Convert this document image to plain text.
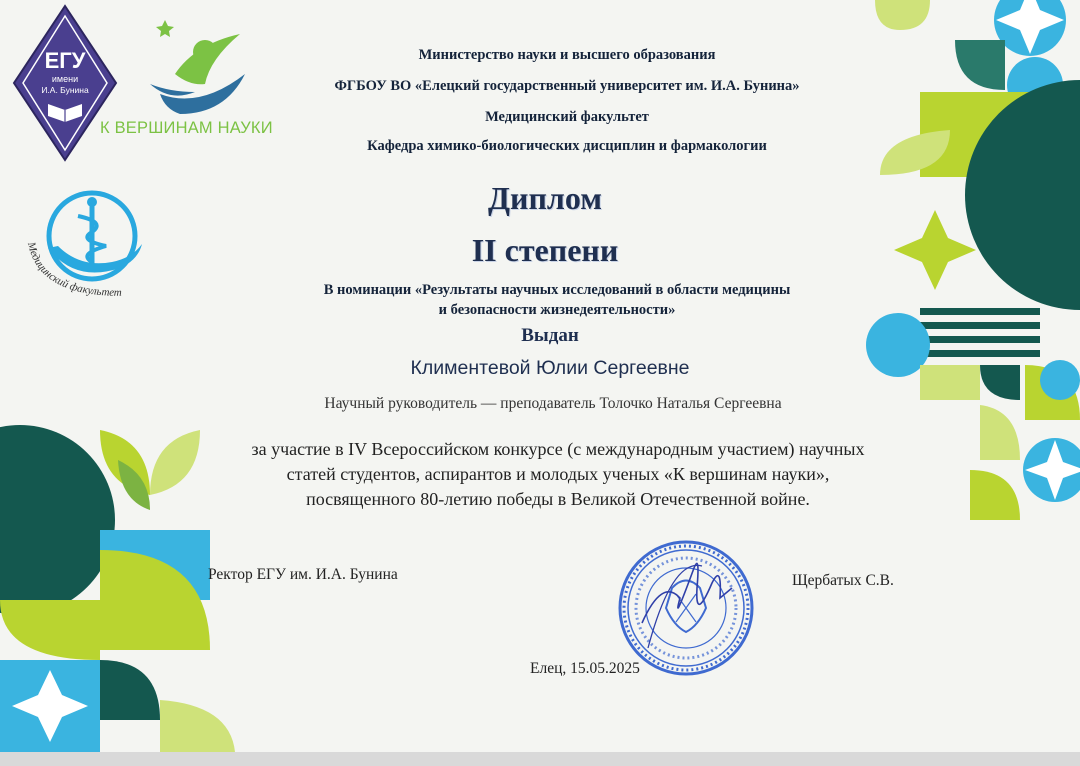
ЕГУ
имени
И.А. Бунина
К ВЕРШИНАМ НАУКИ
Медицинский факультет
Министерство науки и высшего образования
ФГБОУ ВО «Елецкий государственный университет им. И.А. Бунина»
Медицинский факультет
Кафедра химико-биологических дисциплин и фармакологии
Диплом
II степени
В номинации «Результаты научных исследований в области медицины
и безопасности жизнедеятельности»
Выдан
Климентевой Юлии Сергеевне
Научный руководитель — преподаватель Толочко Наталья Сергеевна
за участие в IV Всероссийском конкурсе (с международным участием) научных
статей студентов, аспирантов и молодых ученых «К вершинам науки»,
посвященного 80-летию победы в Великой Отечественной войне.
Ректор ЕГУ им. И.А. Бунина	Щербатых С.В.
Елец, 15.05.2025
